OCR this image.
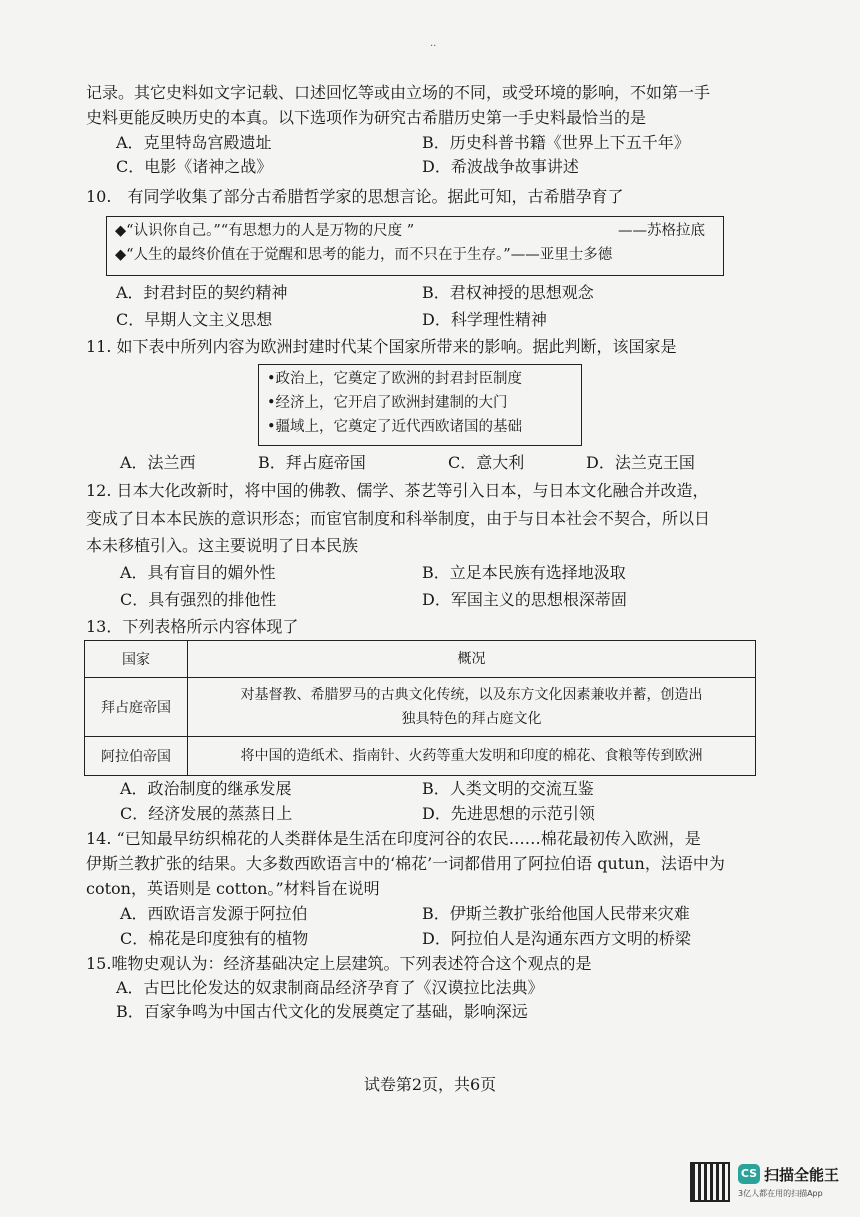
..
记录。其它史料如文字记载、口述回忆等或由立场的不同，或受环境的影响，不如第一手
史料更能反映历史的本真。以下选项作为研究古希腊历史第一手史料最恰当的是
A．克里特岛宫殿遗址	B．历史科普书籍《世界上下五千年》
C．电影《诸神之战》	D．希波战争故事讲述
10.　有同学收集了部分古希腊哲学家的思想言论。据此可知，古希腊孕育了
◆“认识你自己。”“有思想力的人是万物的尺度 ”	——苏格拉底
◆“人生的最终价值在于觉醒和思考的能力，而不只在于生存。”——亚里士多德
A．封君封臣的契约精神	B．君权神授的思想观念
C．早期人文主义思想	D．科学理性精神
11. 如下表中所列内容为欧洲封建时代某个国家所带来的影响。据此判断，该国家是
•政治上，它奠定了欧洲的封君封臣制度
•经济上，它开启了欧洲封建制的大门
•疆域上，它奠定了近代西欧诸国的基础
A．法兰西	B．拜占庭帝国	C．意大利	D．法兰克王国
12. 日本大化改新时，将中国的佛教、儒学、茶艺等引入日本，与日本文化融合并改造，
变成了日本本民族的意识形态；而宦官制度和科举制度，由于与日本社会不契合，所以日
本未移植引入。这主要说明了日本民族
A．具有盲目的媚外性	B．立足本民族有选择地汲取
C．具有强烈的排他性	D．军国主义的思想根深蒂固
13．下列表格所示内容体现了
国家	概况
拜占庭帝国	对基督教、希腊罗马的古典文化传统，以及东方文化因素兼收并蓄，创造出
独具特色的拜占庭文化

阿拉伯帝国	将中国的造纸术、指南针、火药等重大发明和印度的棉花、食粮等传到欧洲
A．政治制度的继承发展	B．人类文明的交流互鉴
C．经济发展的蒸蒸日上	D．先进思想的示范引领
14. “已知最早纺织棉花的人类群体是生活在印度河谷的农民……棉花最初传入欧洲，是
伊斯兰教扩张的结果。大多数西欧语言中的‘棉花’一词都借用了阿拉伯语 qutun，法语中为
coton，英语则是 cotton。”材料旨在说明
A．西欧语言发源于阿拉伯	B．伊斯兰教扩张给他国人民带来灾难
C．棉花是印度独有的植物	D．阿拉伯人是沟通东西方文明的桥梁
15.唯物史观认为：经济基础决定上层建筑。下列表述符合这个观点的是
A．古巴比伦发达的奴隶制商品经济孕育了《汉谟拉比法典》
B．百家争鸣为中国古代文化的发展奠定了基础，影响深远
试卷第2页，共6页
CS 扫描全能王
3亿人都在用的扫描App
